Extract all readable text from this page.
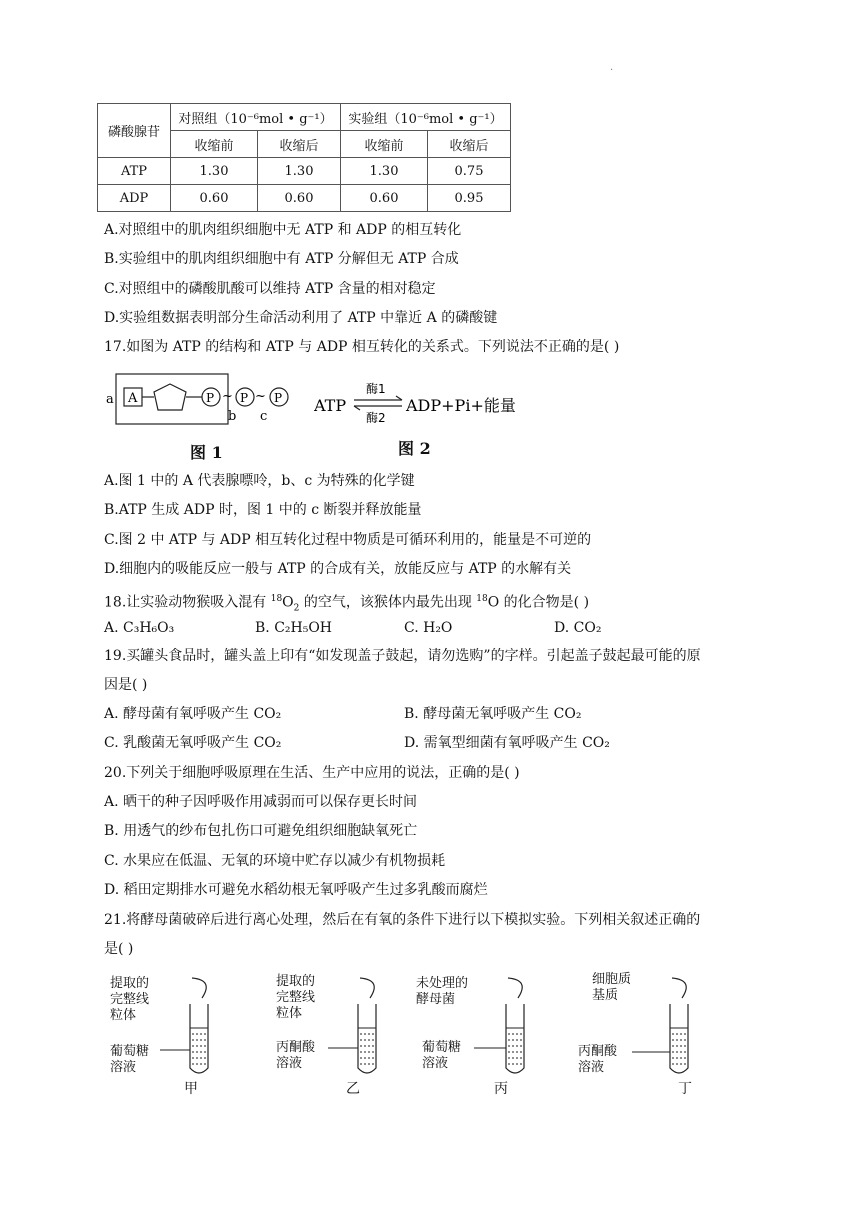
.
磷酸腺苷	对照组（10⁻⁶mol • g⁻¹）		实验组（10⁻⁶mol • g⁻¹）	
	收缩前	收缩后	收缩前	收缩后
ATP	1.30	1.30	1.30	0.75
ADP	0.60	0.60	0.60	0.95
A.对照组中的肌肉组织细胞中无 ATP 和 ADP 的相互转化
B.实验组中的肌肉组织细胞中有 ATP 分解但无 ATP 合成
C.对照组中的磷酸肌酸可以维持 ATP 含量的相对稳定
D.实验组数据表明部分生命活动利用了 ATP 中靠近 A 的磷酸键
17.如图为 ATP 的结构和 ATP 与 ADP 相互转化的关系式。下列说法不正确的是( )
a A	P ~ P ~ P
b c
图 1
ATP
酶1
酶2
ADP+Pi+能量
图 2
A.图 1 中的 A 代表腺嘌呤，b、c 为特殊的化学键
B.ATP 生成 ADP 时，图 1 中的 c 断裂并释放能量
C.图 2 中 ATP 与 ADP 相互转化过程中物质是可循环利用的，能量是不可逆的
D.细胞内的吸能反应一般与 ATP 的合成有关，放能反应与 ATP 的水解有关
18.让实验动物猴吸入混有 $^{18}O_2$ 的空气，该猴体内最先出现 $^{18}$O 的化合物是( )
A. C₃H₆O₃	B. C₂H₅OH	C. H₂O	D. CO₂
19.买罐头食品时，罐头盖上印有“如发现盖子鼓起，请勿选购”的字样。引起盖子鼓起最可能的原
因是( )
A. 酵母菌有氧呼吸产生 CO₂	B. 酵母菌无氧呼吸产生 CO₂
C. 乳酸菌无氧呼吸产生 CO₂	D. 需氧型细菌有氧呼吸产生 CO₂
20.下列关于细胞呼吸原理在生活、生产中应用的说法，正确的是( )
A. 晒干的种子因呼吸作用减弱而可以保存更长时间
B. 用透气的纱布包扎伤口可避免组织细胞缺氧死亡
C. 水果应在低温、无氧的环境中贮存以减少有机物损耗
D. 稻田定期排水可避免水稻幼根无氧呼吸产生过多乳酸而腐烂
21.将酵母菌破碎后进行离心处理，然后在有氧的条件下进行以下模拟实验。下列相关叙述正确的
是( )
提取的
完整线
粒体
葡萄糖
溶液
甲
提取的
完整线
粒体
丙酮酸
溶液
乙
未处理的
酵母菌
葡萄糖
溶液
丙
细胞质
基质
丙酮酸
溶液
丁
